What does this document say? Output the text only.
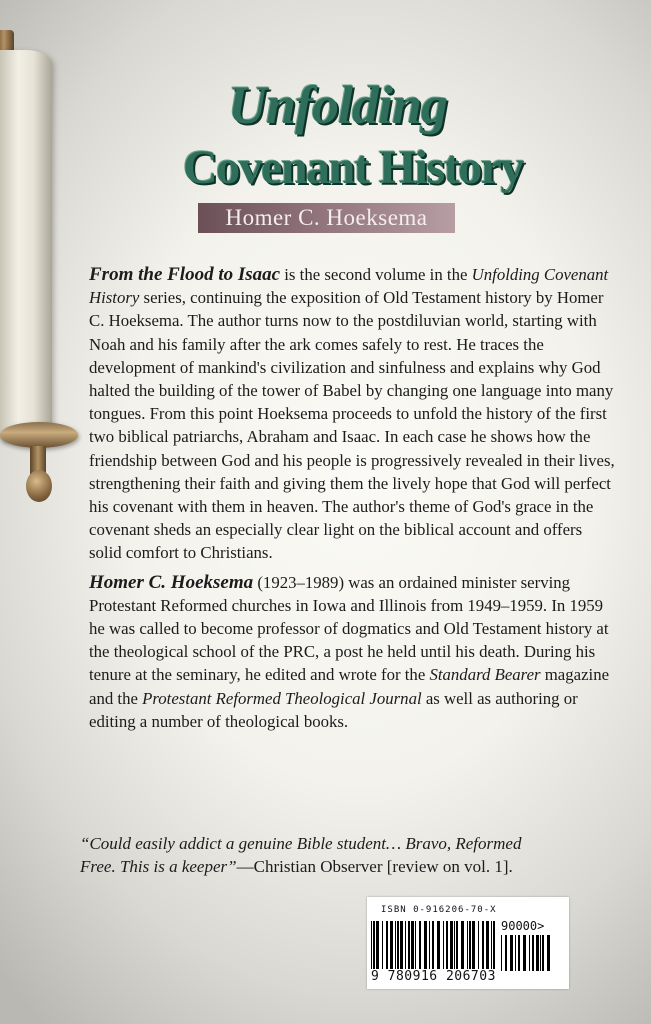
Unfolding
Covenant History
Homer C. Hoeksema

From the Flood to Isaac is the second volume in the Unfolding Covenant History series, continuing the exposition of Old Testament history by Homer C. Hoeksema. The author turns now to the postdiluvian world, starting with Noah and his family after the ark comes safely to rest. He traces the development of mankind's civilization and sinfulness and explains why God halted the building of the tower of Babel by changing one language into many tongues. From this point Hoeksema proceeds to unfold the history of the first two biblical patriarchs, Abraham and Isaac. In each case he shows how the friendship between God and his people is progressively revealed in their lives, strengthening their faith and giving them the lively hope that God will perfect his covenant with them in heaven. The author's theme of God's grace in the covenant sheds an especially clear light on the biblical account and offers solid comfort to Christians.

Homer C. Hoeksema (1923–1989) was an ordained minister serving Protestant Reformed churches in Iowa and Illinois from 1949–1959. In 1959 he was called to become professor of dogmatics and Old Testament history at the theological school of the PRC, a post he held until his death. During his tenure at the seminary, he edited and wrote for the Standard Bearer magazine and the Protestant Reformed Theological Journal as well as authoring or editing a number of theological books.

“Could easily addict a genuine Bible student… Bravo, Reformed Free. This is a keeper”—Christian Observer [review on vol. 1].
ISBN 0-916206-70-X
90000>
9 780916 206703
